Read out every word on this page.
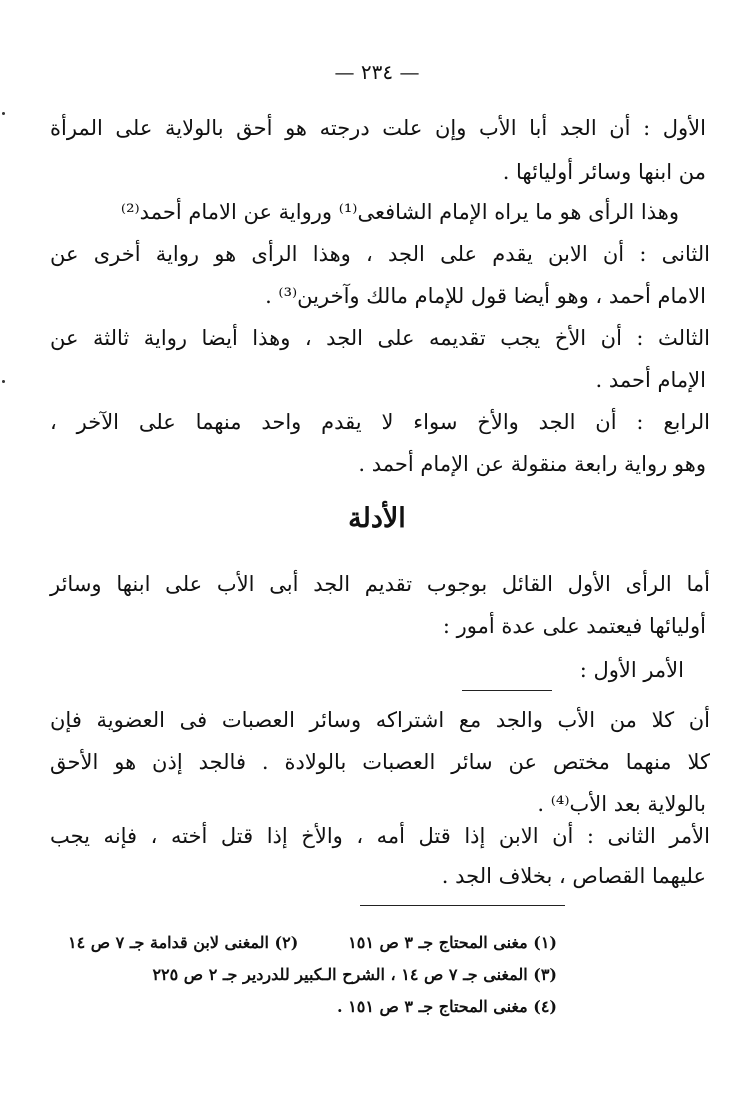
— ٢٣٤ —
الأول : أن الجد أبا الأب وإن علت درجته هو أحق بالولاية على المرأة
من ابنها وسائر أوليائها .
وهذا الرأى هو ما يراه الإمام الشافعى⁽¹⁾ ورواية عن الامام أحمد⁽²⁾
الثانى : أن الابن يقدم على الجد ، وهذا الرأى هو رواية أخرى عن
الامام أحمد ، وهو أيضا قول للإمام مالك وآخرين⁽³⁾ .
الثالث : أن الأخ يجب تقديمه على الجد ، وهذا أيضا رواية ثالثة عن
الإمام أحمد .
الرابع : أن الجد والأخ سواء لا يقدم واحد منهما على الآخر ،
وهو رواية رابعة منقولة عن الإمام أحمد .
الأدلة
أما الرأى الأول القائل بوجوب تقديم الجد أبى الأب على ابنها وسائر
أوليائها فيعتمد على عدة أمور :
الأمر الأول :
أن كلا من الأب والجد مع اشتراكه وسائر العصبات فى العضوية فإن
كلا منهما مختص عن سائر العصبات بالولادة . فالجد إذن هو الأحق
بالولاية بعد الأب⁽⁴⁾ .
الأمر الثانى : أن الابن إذا قتل أمه ، والأخ إذا قتل أخته ، فإنه يجب
عليهما القصاص ، بخلاف الجد .
(١) مغنى المحتاج جـ ٣ ص ١٥١
(٢) المغنى لابن قدامة جـ ٧ ص ١٤
(٣) المغنى جـ ٧ ص ١٤ ، الشرح الـكبير للدردير جـ ٢ ص ٢٢٥
(٤) مغنى المحتاج جـ ٣ ص ١٥١ .
